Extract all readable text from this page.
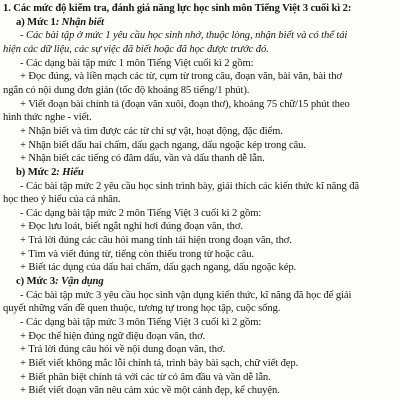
1. Các mức độ kiểm tra, đánh giá năng lực học sinh môn Tiếng Việt 3 cuối kì 2:
a) Mức 1: Nhận biết
- Các bài tập ở mức 1 yêu cầu học sinh nhớ, thuộc lòng, nhận biết và có thể tái
hiện các dữ liệu, các sự việc đã biết hoặc đã học được trước đó.
- Các dạng bài tập mức 1 môn Tiếng Việt cuối kì 2 gồm:
+ Đọc đúng, và liền mạch các từ, cụm từ trong câu, đoạn văn, bài văn, bài thơ
ngắn có nội dung đơn giản (tốc độ khoảng 85 tiếng/1 phút).
+ Viết đoạn bài chính tả (đoạn văn xuôi, đoạn thơ), khoảng 75 chữ/15 phút theo
hình thức nghe - viết.
+ Nhận biết và tìm được các từ chỉ sự vật, hoạt động, đặc điểm.
+ Nhận biết dấu hai chấm, dấu gạch ngang, dấu ngoặc kép trong câu.
+ Nhận biết các tiếng có đâm dấu, vần và dấu thanh dễ lẫn.
b) Mức 2: Hiểu
- Các bài tập mức 2 yêu cầu học sinh trình bày, giải thích các kiến thức kĩ năng đã
học theo ý hiểu của cá nhân.
- Các dạng bài tập mức 2 môn Tiếng Việt 3 cuối kì 2 gồm:
+ Đọc lưu loát, biết ngắt nghỉ hơi đúng đoạn văn, thơ.
+ Trả lời đúng các câu hỏi mang tính tái hiện trong đoạn văn, thơ.
+ Tìm và viết đúng từ, tiếng còn thiếu trong từ hoặc câu.
+ Biết tác dụng của dấu hai chấm, dấu gạch ngang, dấu ngoặc kép.
c) Mức 3: Vận dụng
- Các bài tập mức 3 yêu cầu học sinh vận dụng kiến thức, kĩ năng đã học để giải
quyết những vấn đề quen thuộc, tương tự trong học tập, cuộc sống.
- Các dạng bài tập mức 3 môn Tiếng Việt 3 cuối kì 2 gồm:
+ Đọc thể hiện đúng ngữ điệu đoạn văn, thơ.
+ Trả lời đúng câu hỏi về nội dung đoạn văn, thơ.
+ Biết viết không mắc lỗi chính tả, trình bày bài sạch, chữ viết đẹp.
+ Biết phân biệt chính tả với các từ có âm đầu và vần dễ lẫn.
+ Biết viết đoạn văn nêu cảm xúc về một cảnh đẹp, kể chuyện.
